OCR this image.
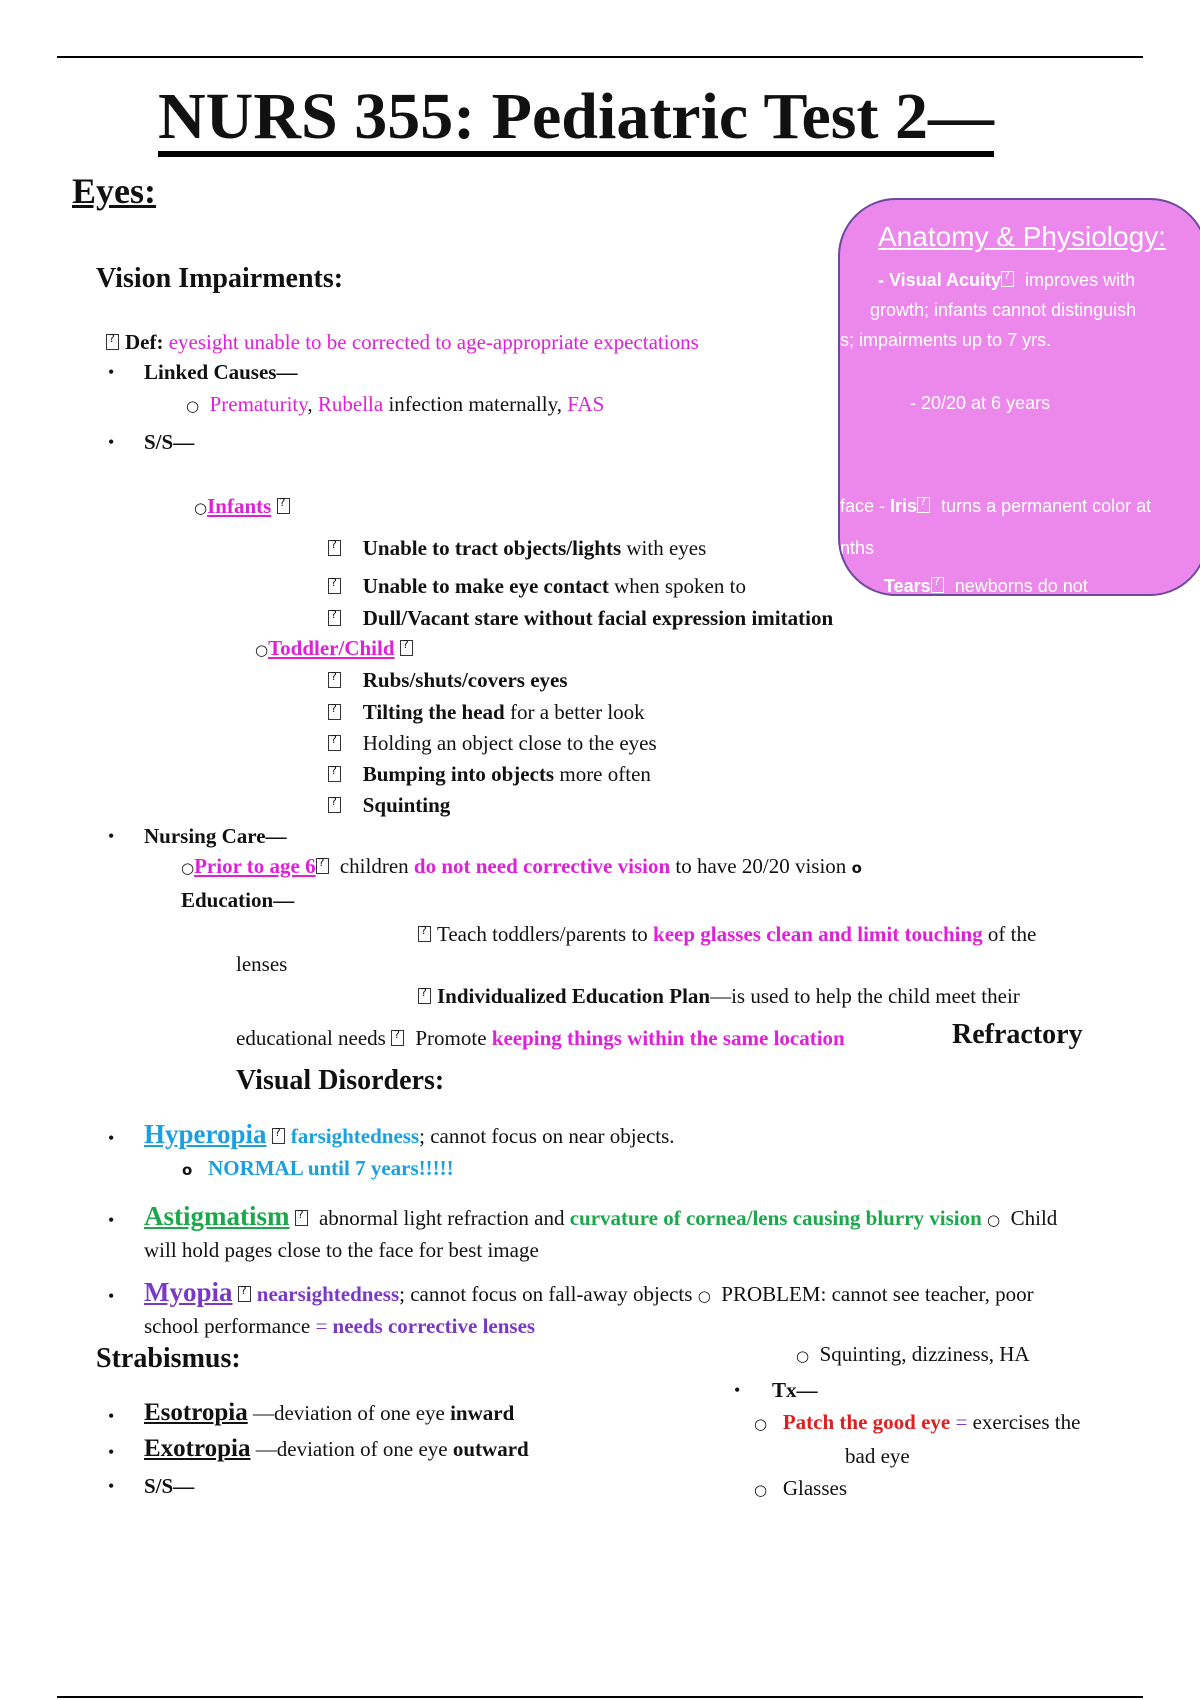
NURS 355: Pediatric Test 2—
Eyes:
Anatomy & Physiology:
- Visual Acuity? improves with
growth; infants cannot distinguish
s; impairments up to 7 yrs.
- 20/20 at 6 years
face - Iris? turns a permanent color at
nths
Tears? newborns do not
Vision Impairments:
?Def: eyesight unable to be corrected to age-appropriate expectations
• Linked Causes—
○ Prematurity, Rubella infection maternally, FAS
• S/S—
○Infants ?
?   Unable to tract objects/lights with eyes
?   Unable to make eye contact when spoken to
?   Dull/Vacant stare without facial expression imitation
○Toddler/Child ?
?   Rubs/shuts/covers eyes
?   Tilting the head for a better look
?   Holding an object close to the eyes
?   Bumping into objects more often
?   Squinting
• Nursing Care—
○Prior to age 6? children do not need corrective vision to have 20/20 vision o
Education—
?Teach toddlers/parents to keep glasses clean and limit touching of the
lenses
?Individualized Education Plan—is used to help the child meet their
educational needs ? Promote keeping things within the same location	Refractory
Visual Disorders:
• Hyperopia ? farsightedness; cannot focus on near objects.
o NORMAL until 7 years!!!!!
• Astigmatism ? abnormal light refraction and curvature of cornea/lens causing blurry vision ○ Child
will hold pages close to the face for best image
• Myopia ? nearsightedness; cannot focus on fall-away objects ○ PROBLEM: cannot see teacher, poor
school performance = needs corrective lenses
Strabismus:	○ Squinting, dizziness, HA
• Tx—
○ Patch the good eye = exercises the
bad eye
○ Glasses
• Esotropia —deviation of one eye inward
• Exotropia —deviation of one eye outward
• S/S—
